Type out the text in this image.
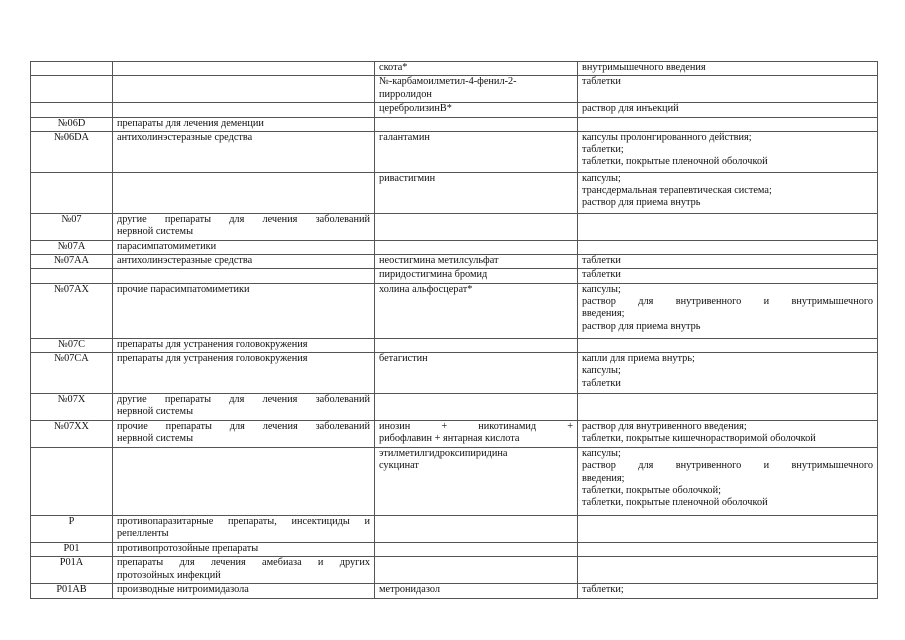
		скота*	внутримышечного введения

		№-карбамоилметил-4-фенил-2-
пирролидон	таблетки

		церебролизинВ*	раствор для инъекций

№06D	препараты для лечения деменции		

№06DA	антихолинэстеразные средства	галантамин	капсулы пролонгированного действия;
таблетки;
таблетки, покрытые пленочной оболочкой

		ривастигмин	капсулы;
трансдермальная терапевтическая система;
раствор для приема внутрь

№07	другие препараты для лечения заболеваний
нервной системы		

№07A	парасимпатомиметики		

№07AA	антихолинэстеразные средства	неостигмина метилсульфат	таблетки

		пиридостигмина бромид	таблетки

№07AX	прочие парасимпатомиметики	холина альфосцерат*	капсулы;
раствор для внутривенного и внутримышечного
введения;
раствор для приема внутрь

№07C	препараты для устранения головокружения		

№07CA	препараты для устранения головокружения	бетагистин	капли для приема внутрь;
капсулы;
таблетки

№07X	другие препараты для лечения заболеваний
нервной системы		

№07XX	прочие препараты для лечения заболеваний
нервной системы	инозин + никотинамид +
рибофлавин + янтарная кислота	раствор для внутривенного введения;
таблетки, покрытые кишечнорастворимой оболочкой

		этилметилгидроксипиридина
сукцинат	капсулы;
раствор для внутривенного и внутримышечного
введения;
таблетки, покрытые оболочкой;
таблетки, покрытые пленочной оболочкой

P	противопаразитарные препараты, инсектициды и
репелленты		

P01	противопротозойные препараты		

P01A	препараты для лечения амебиаза и других
протозойных инфекций		

P01AB	производные нитроимидазола	метронидазол	таблетки;
